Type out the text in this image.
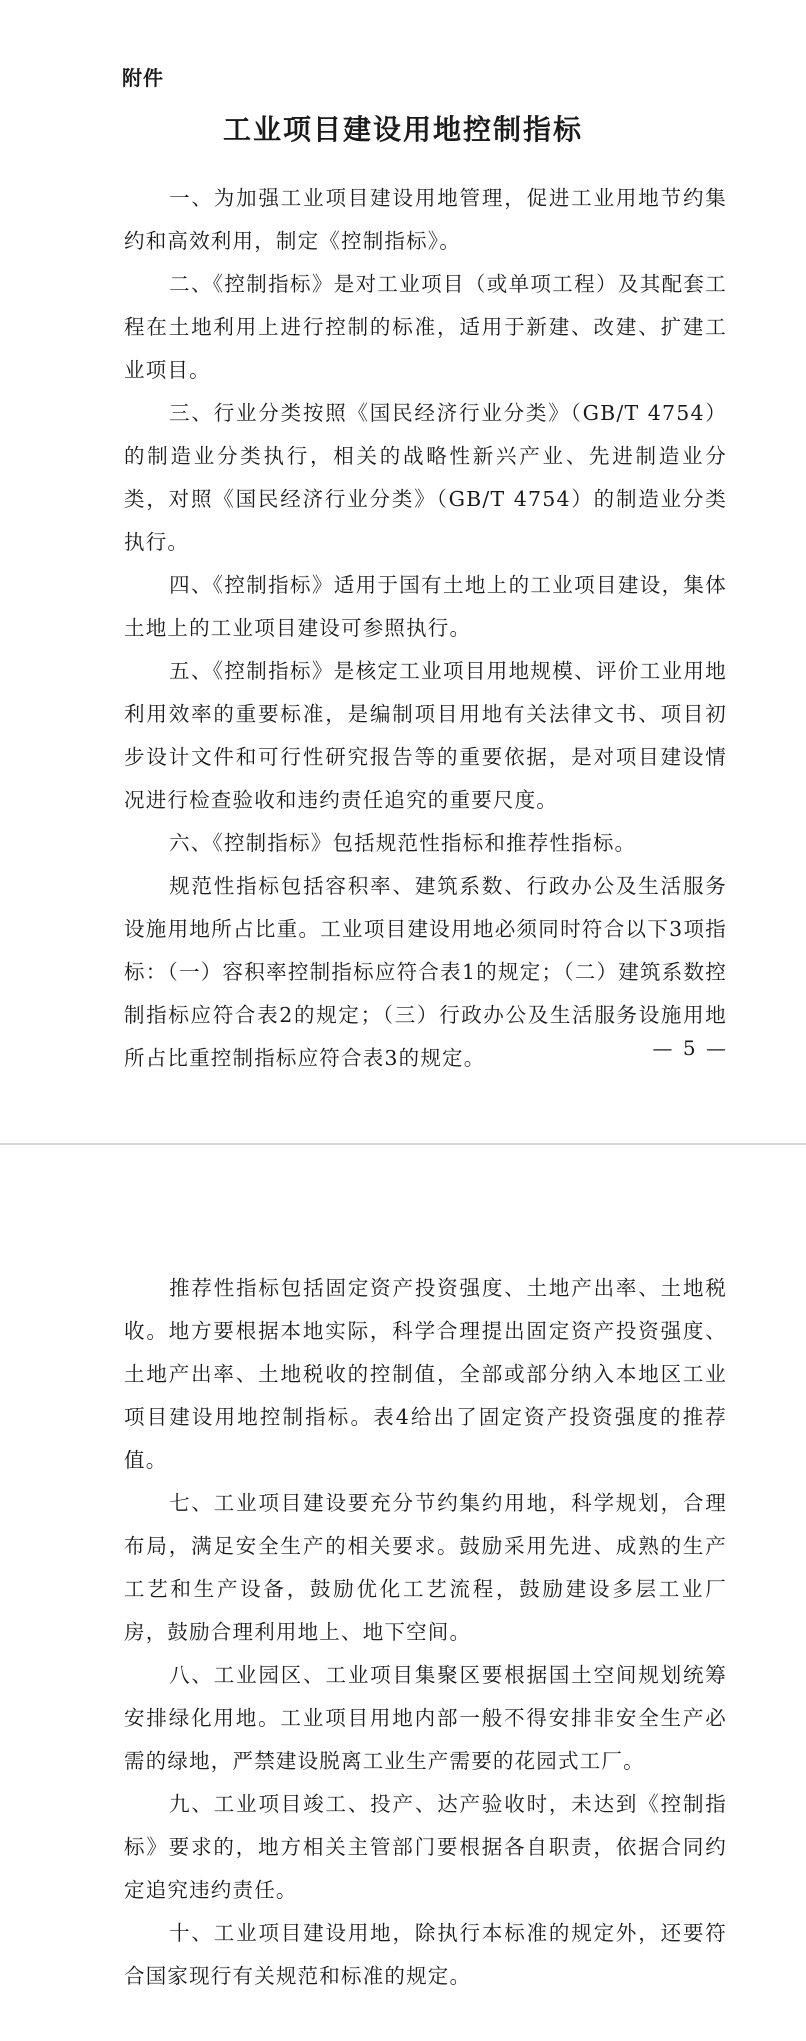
附件
工业项目建设用地控制指标

一、为加强工业项目建设用地管理，促进工业用地节约集约和高效利用，制定《控制指标》。

二、《控制指标》是对工业项目（或单项工程）及其配套工程在土地利用上进行控制的标准，适用于新建、改建、扩建工业项目。

三、行业分类按照《国民经济行业分类》（GB/T 4754）的制造业分类执行，相关的战略性新兴产业、先进制造业分类，对照《国民经济行业分类》（GB/T 4754）的制造业分类执行。

四、《控制指标》适用于国有土地上的工业项目建设，集体土地上的工业项目建设可参照执行。

五、《控制指标》是核定工业项目用地规模、评价工业用地利用效率的重要标准，是编制项目用地有关法律文书、项目初步设计文件和可行性研究报告等的重要依据，是对项目建设情况进行检查验收和违约责任追究的重要尺度。

六、《控制指标》包括规范性指标和推荐性指标。

规范性指标包括容积率、建筑系数、行政办公及生活服务设施用地所占比重。工业项目建设用地必须同时符合以下3项指标：（一）容积率控制指标应符合表1的规定；（二）建筑系数控制指标应符合表2的规定；（三）行政办公及生活服务设施用地所占比重控制指标应符合表3的规定。	— 5 —

推荐性指标包括固定资产投资强度、土地产出率、土地税收。地方要根据本地实际，科学合理提出固定资产投资强度、土地产出率、土地税收的控制值，全部或部分纳入本地区工业项目建设用地控制指标。表4给出了固定资产投资强度的推荐值。

七、工业项目建设要充分节约集约用地，科学规划，合理布局，满足安全生产的相关要求。鼓励采用先进、成熟的生产工艺和生产设备，鼓励优化工艺流程，鼓励建设多层工业厂房，鼓励合理利用地上、地下空间。

八、工业园区、工业项目集聚区要根据国土空间规划统筹安排绿化用地。工业项目用地内部一般不得安排非安全生产必需的绿地，严禁建设脱离工业生产需要的花园式工厂。

九、工业项目竣工、投产、达产验收时，未达到《控制指标》要求的，地方相关主管部门要根据各自职责，依据合同约定追究违约责任。

十、工业项目建设用地，除执行本标准的规定外，还要符合国家现行有关规范和标准的规定。
